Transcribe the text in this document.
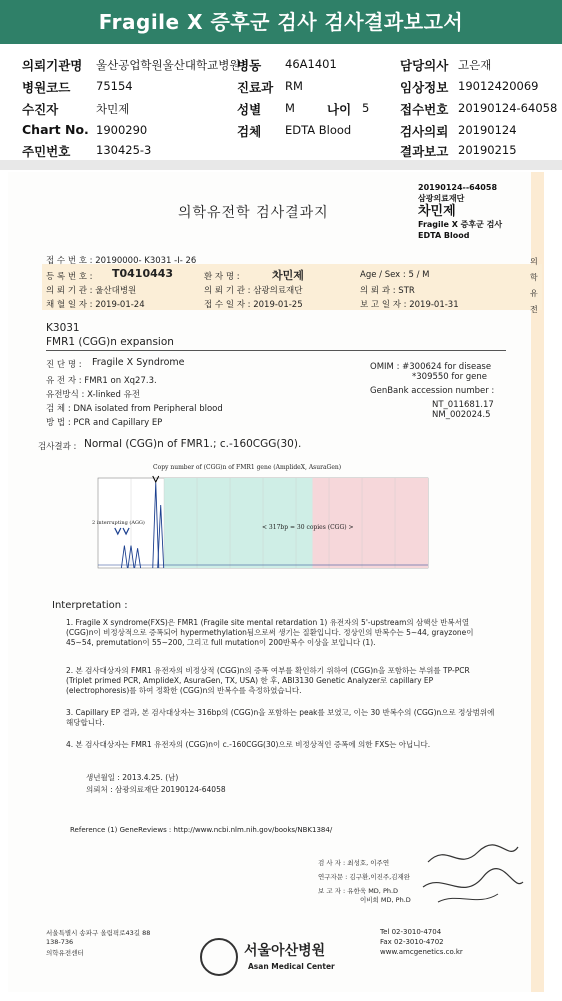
Fragile X 증후군 검사 검사결과보고서
의뢰기관명 울산공업학원울산대학교병원
병동 46A1401	담당의사 고은재
병원코드 75154	진료과 RM	임상정보 19012420069
수진자	차민제	성별 M	나이 5 접수번호 20190124-64058
Chart No. 1900290	검체 EDTA Blood	검사의뢰 20190124
주민번호 130425-3	결과보고 20190215
20190124--64058
삼광의료재단
차민제
Fragile X 증후군 검사
EDTA Blood
의학유전학 검사결과지
의학유전
접 수 번 호 : 20190000- K3031 -I- 26
등 록 번 호 : T0410443	환 자 명 :	차민제	Age / Sex : 5 / M
의 뢰 기 관 : 울산대병원	의 뢰 기 관 : 삼광의료재단	의 뢰 과 : STR
채 혈 일 자 : 2019-01-24	접 수 일 자 : 2019-01-25	보 고 일 자 : 2019-01-31
K3031
FMR1 (CGG)n expansion
진 단 명 : Fragile X Syndrome
유 전 자 : FMR1 on Xq27.3.
유전방식 : X-linked 유전
검 체 : DNA isolated from Peripheral blood
방 법 : PCR and Capillary EP
OMIM : #300624 for disease
*309550 for gene
GenBank accession number :
NT_011681.17
NM_002024.5
검사결과 : Normal (CGG)n of FMR1.; c.-160CGG(30).
Copy number of (CGG)n of FMR1 gene (AmplideX, AsuraGen)
2 interrupting (AGG)
< 317bp = 30 copies (CGG) >
Interpretation :
1. Fragile X syndrome(FXS)은 FMR1 (Fragile site mental retardation 1) 유전자의 5'-upstream의 삼핵산 반복서열 (CGG)n이 비정상적으로 증폭되어 hypermethylation됨으로써 생기는 질환입니다. 정상인의 반복수는 5~44, grayzone이 45~54, premutation이 55~200, 그리고 full mutation이 200반복수 이상을 보입니다 (1).
2. 본 검사대상자의 FMR1 유전자의 비정상적 (CGG)n의 증폭 여부를 확인하기 위하여 (CGG)n을 포함하는 부위를 TP-PCR (Triplet primed PCR, AmplideX, AsuraGen, TX, USA) 한 후, ABI3130 Genetic Analyzer로 capillary EP (electrophoresis)를 하여 정확한 (CGG)n의 반복수를 측정하였습니다.
3. Capillary EP 결과, 본 검사대상자는 316bp의 (CGG)n을 포함하는 peak를 보였고, 이는 30 반복수의 (CGG)n으로 정상범위에 해당합니다.
4. 본 검사대상자는 FMR1 유전자의 (CGG)n이 c.-160CGG(30)으로 비정상적인 증폭에 의한 FXS는 아닙니다.
생년월일 : 2013.4.25. (남)
의뢰처 : 삼광의료재단 20190124-64058
Reference (1) GeneReviews : http://www.ncbi.nlm.nih.gov/books/NBK1384/
검 사 자 : 최성호, 이주연
연구자문 : 김구환,이진주,김재완
보 고 자 : 유한욱 MD, Ph.D
이비희 MD, Ph.D
서울특별시 송파구 올림픽로43길 88
138-736
의학유전센터	서울아산병원
Asan Medical Center
Tel 02-3010-4704
Fax 02-3010-4702
www.amcgenetics.co.kr
